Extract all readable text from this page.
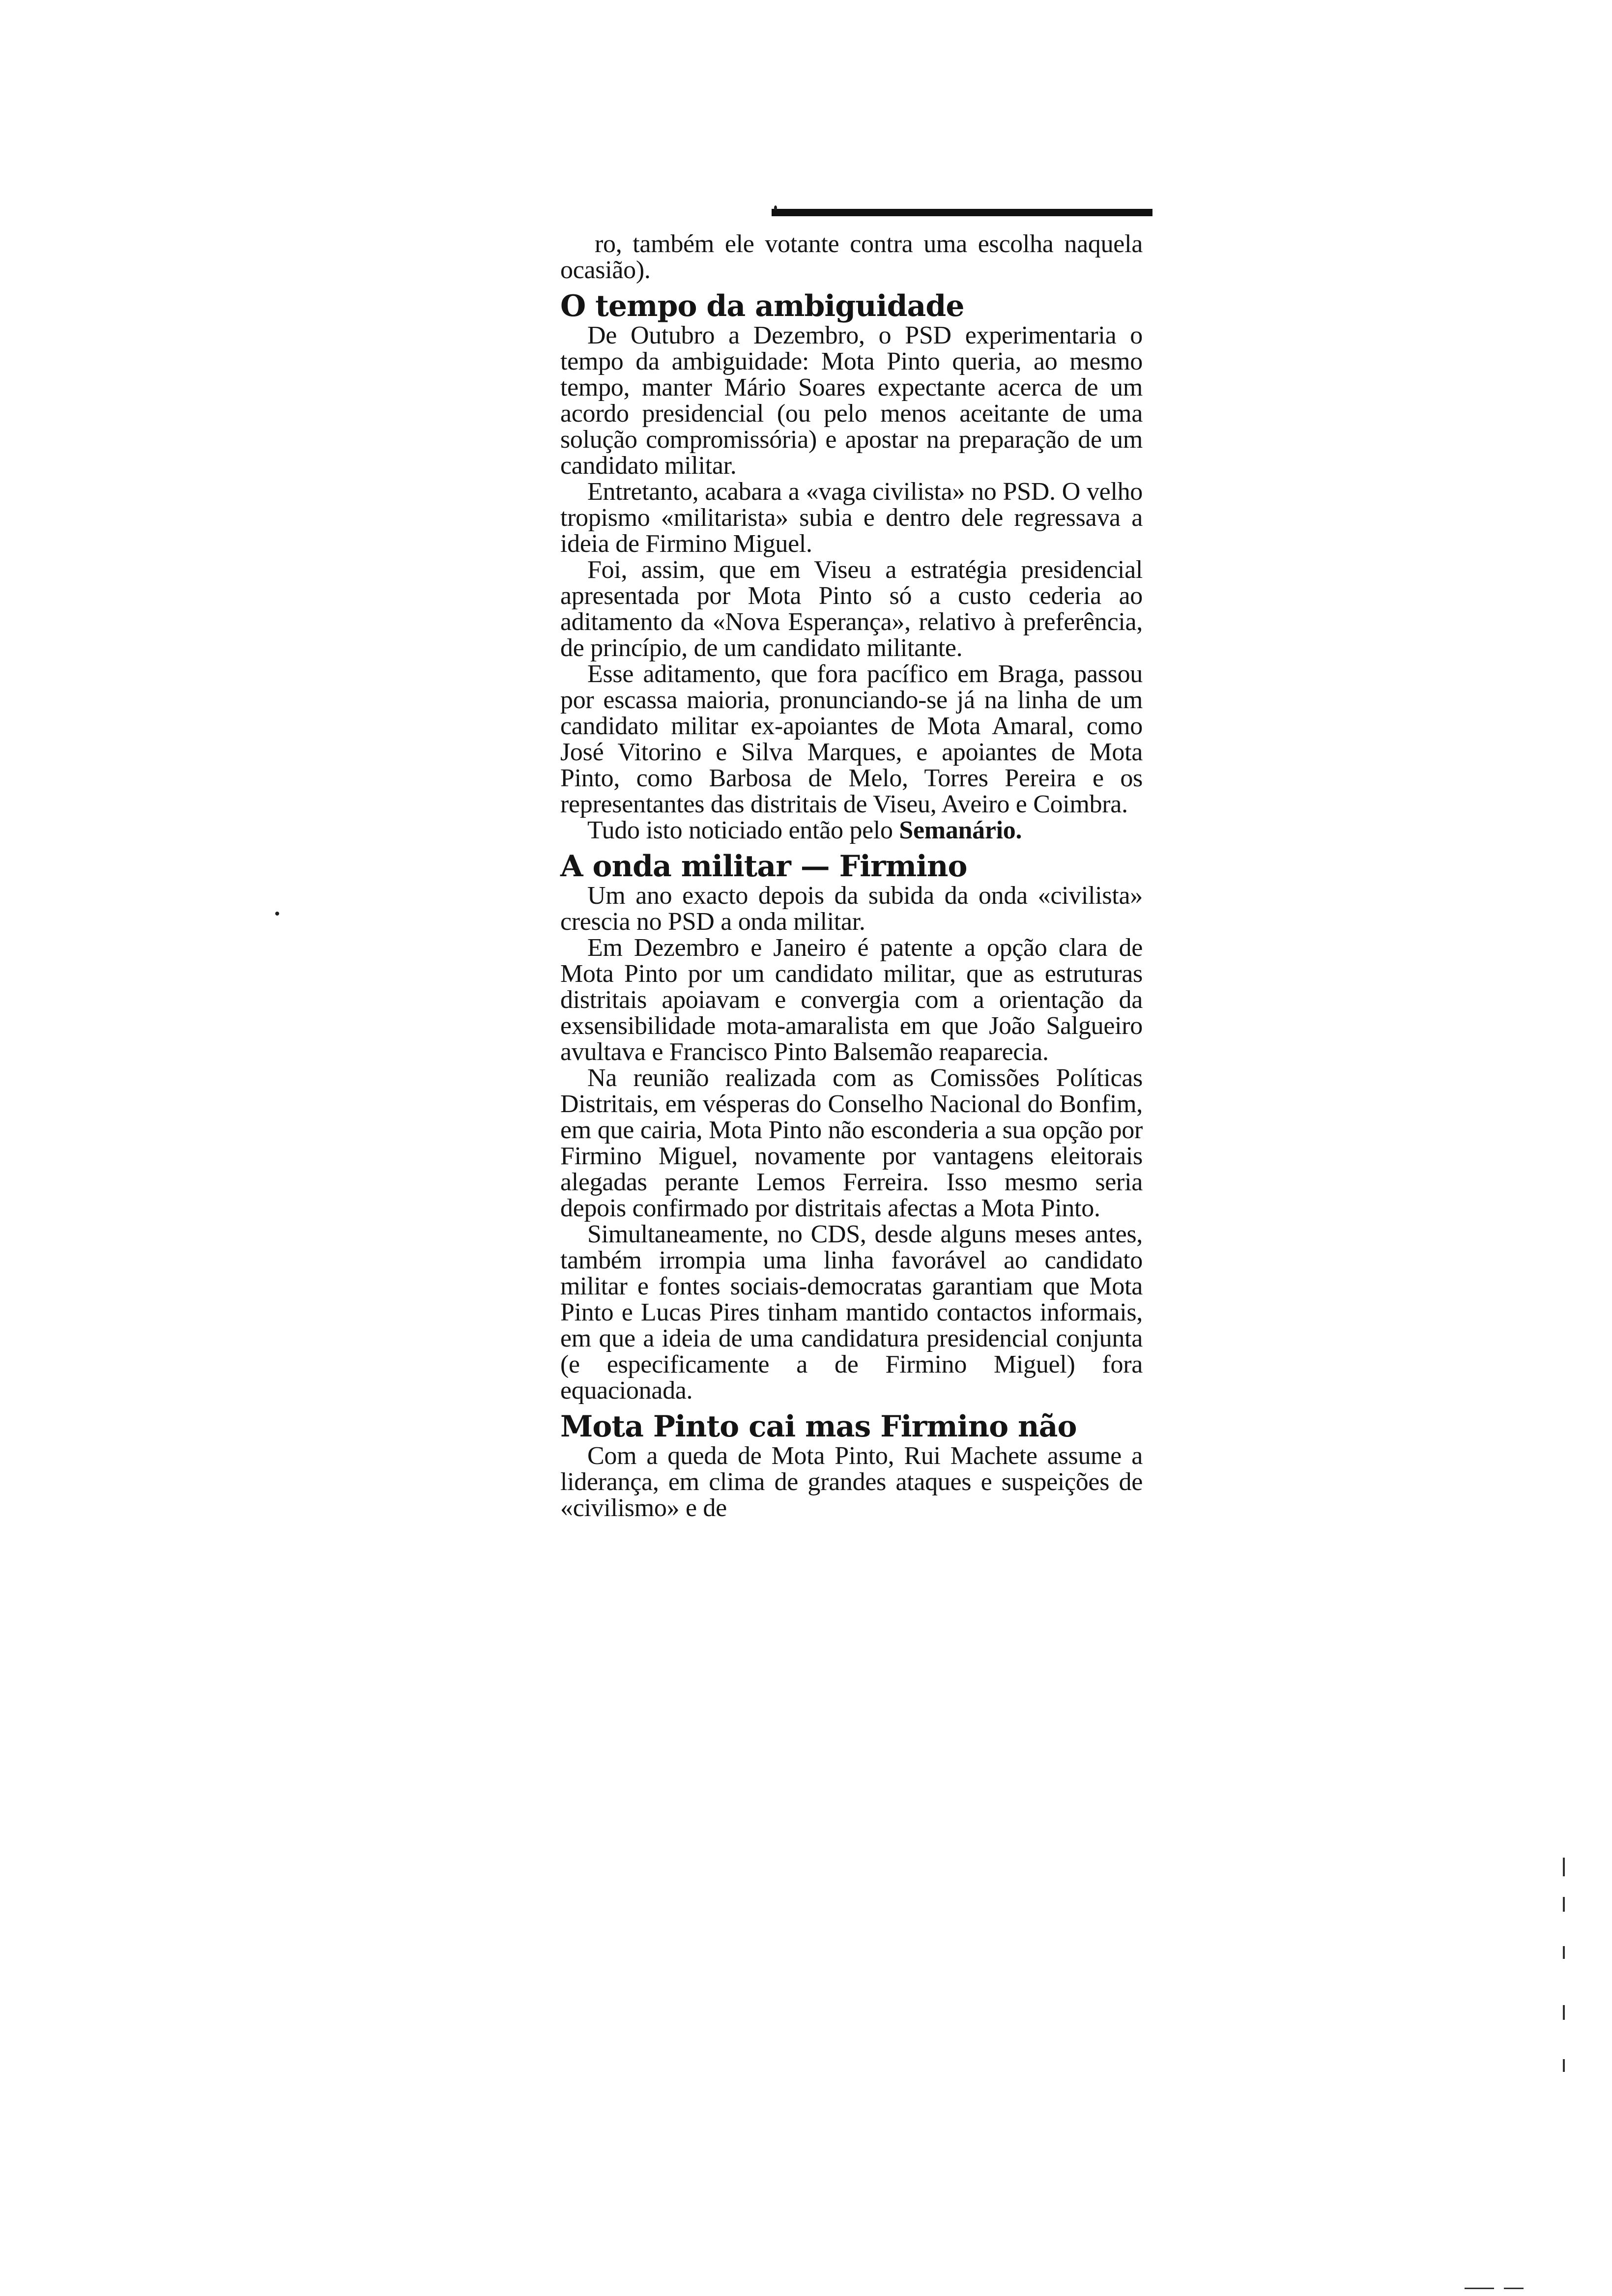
ro, também ele votante contra uma escolha naquela ocasião).

O tempo da ambiguidade

De Outubro a Dezembro, o PSD experimentaria o tempo da ambiguidade: Mota Pinto queria, ao mesmo tempo, manter Mário Soares expectante acerca de um acordo presidencial (ou pelo menos aceitante de uma solução compromissória) e apostar na preparação de um candidato militar.

Entretanto, acabara a «vaga civilista» no PSD. O velho tropismo «militarista» subia e dentro dele regressava a ideia de Firmino Miguel.

Foi, assim, que em Viseu a estratégia presidencial apresentada por Mota Pinto só a custo cederia ao aditamento da «Nova Esperança», relativo à preferência, de princípio, de um candidato militante.

Esse aditamento, que fora pacífico em Braga, passou por escassa maioria, pronunciando-se já na linha de um candidato militar ex-apoiantes de Mota Amaral, como José Vitorino e Silva Marques, e apoiantes de Mota Pinto, como Barbosa de Melo, Torres Pereira e os representantes das distritais de Viseu, Aveiro e Coimbra.

Tudo isto noticiado então pelo Semanário.

A onda militar — Firmino

Um ano exacto depois da subida da onda «civilista» crescia no PSD a onda militar.

Em Dezembro e Janeiro é patente a opção clara de Mota Pinto por um candidato militar, que as estruturas distritais apoiavam e convergia com a orientação da exsensibilidade mota-amaralista em que João Salgueiro avultava e Francisco Pinto Balsemão reaparecia.

Na reunião realizada com as Comissões Políticas Distritais, em vésperas do Conselho Nacional do Bonfim, em que cairia, Mota Pinto não esconderia a sua opção por Firmino Miguel, novamente por vantagens eleitorais alegadas perante Lemos Ferreira. Isso mesmo seria depois confirmado por distritais afectas a Mota Pinto.

Simultaneamente, no CDS, desde alguns meses antes, também irrompia uma linha favorável ao candidato militar e fontes sociais-democratas garantiam que Mota Pinto e Lucas Pires tinham mantido contactos informais, em que a ideia de uma candidatura presidencial conjunta (e especificamente a de Firmino Miguel) fora equacionada.

Mota Pinto cai mas Firmino não

Com a queda de Mota Pinto, Rui Machete assume a liderança, em clima de grandes ataques e suspeições de «civilismo» e de
